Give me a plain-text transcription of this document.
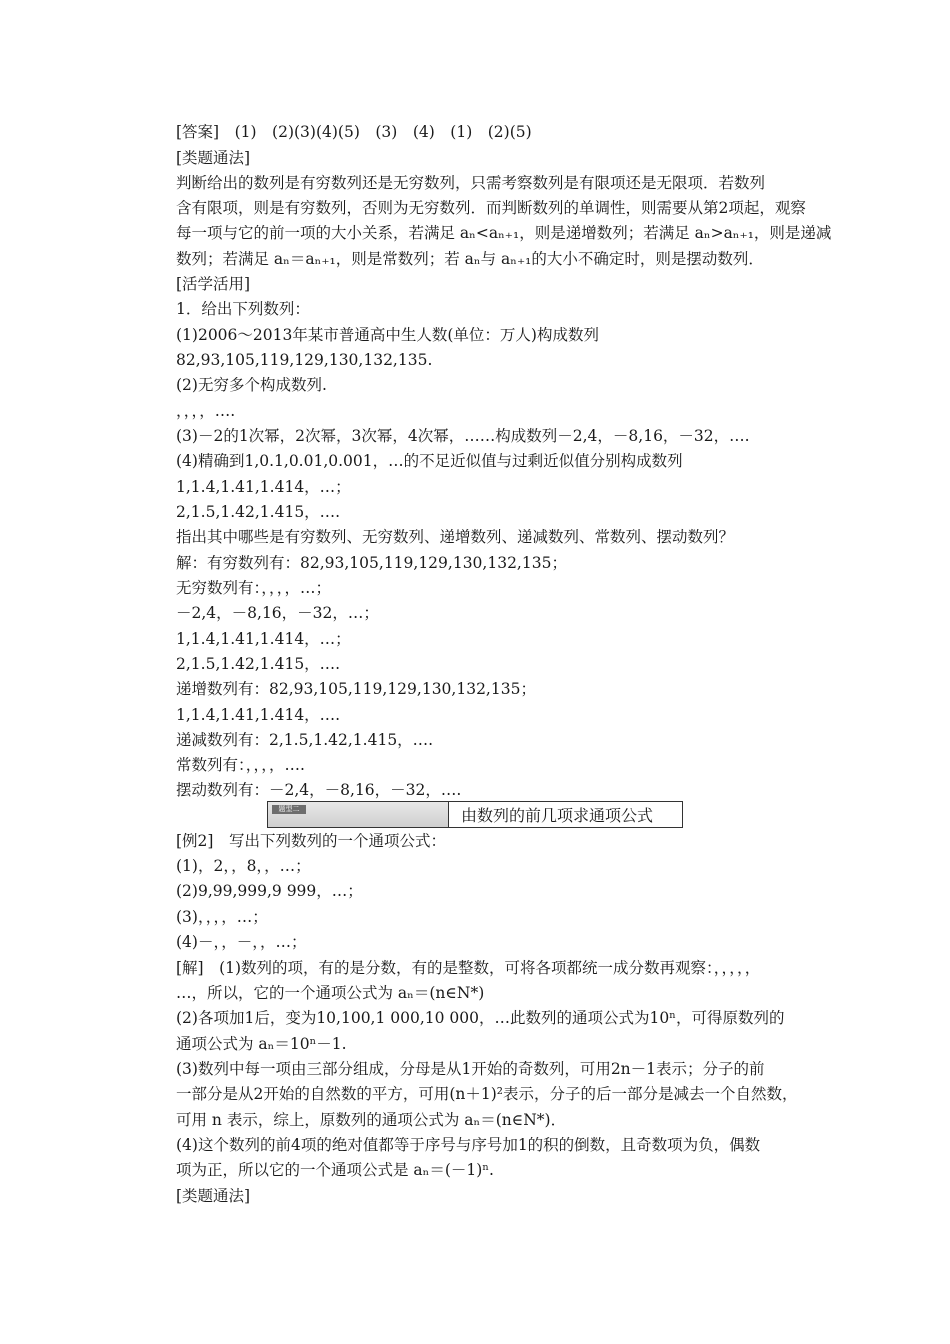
[答案]　(1)　(2)(3)(4)(5)　(3)　(4)　(1)　(2)(5)
[类题通法]
判断给出的数列是有穷数列还是无穷数列，只需考察数列是有限项还是无限项．若数列
含有限项，则是有穷数列，否则为无穷数列．而判断数列的单调性，则需要从第2项起，观察
每一项与它的前一项的大小关系，若满足 aₙ<aₙ₊₁，则是递增数列；若满足 aₙ>aₙ₊₁，则是递减
数列；若满足 aₙ＝aₙ₊₁，则是常数列；若 aₙ与 aₙ₊₁的大小不确定时，则是摆动数列．
[活学活用]
1．给出下列数列：
(1)2006～2013年某市普通高中生人数(单位：万人)构成数列
82,93,105,119,129,130,132,135.
(2)无穷多个构成数列.
，，，，….
(3)－2的1次幂，2次幂，3次幂，4次幂，……构成数列－2,4，－8,16，－32，….
(4)精确到1,0.1,0.01,0.001，…的不足近似值与过剩近似值分别构成数列
1,1.4,1.41,1.414，…；
2,1.5,1.42,1.415，….
指出其中哪些是有穷数列、无穷数列、递增数列、递减数列、常数列、摆动数列？
解：有穷数列有：82,93,105,119,129,130,132,135；
无穷数列有：，，，，…；
－2,4，－8,16，－32，…；
1,1.4,1.41,1.414，…；
2,1.5,1.42,1.415，….
递增数列有：82,93,105,119,129,130,132,135；
1,1.4,1.41,1.414，….
递减数列有：2,1.5,1.42,1.415，….
常数列有：，，，，….
摆动数列有：－2,4，－8,16，－32，….
题型二	由数列的前几项求通项公式
[例2]　写出下列数列的一个通项公式：
(1)，2，，8，，…；
(2)9,99,999,9 999，…；
(3)，，，，…；
(4)－，，－，，…；
[解]　(1)数列的项，有的是分数，有的是整数，可将各项都统一成分数再观察：，，，，，
…，所以，它的一个通项公式为 aₙ＝(n∈N*)
(2)各项加1后，变为10,100,1 000,10 000，…此数列的通项公式为10ⁿ，可得原数列的
通项公式为 aₙ＝10ⁿ－1.
(3)数列中每一项由三部分组成，分母是从1开始的奇数列，可用2n－1表示；分子的前
一部分是从2开始的自然数的平方，可用(n＋1)²表示，分子的后一部分是减去一个自然数，
可用 n 表示，综上，原数列的通项公式为 aₙ＝(n∈N*)．
(4)这个数列的前4项的绝对值都等于序号与序号加1的积的倒数，且奇数项为负，偶数
项为正，所以它的一个通项公式是 aₙ＝(－1)ⁿ.
[类题通法]
